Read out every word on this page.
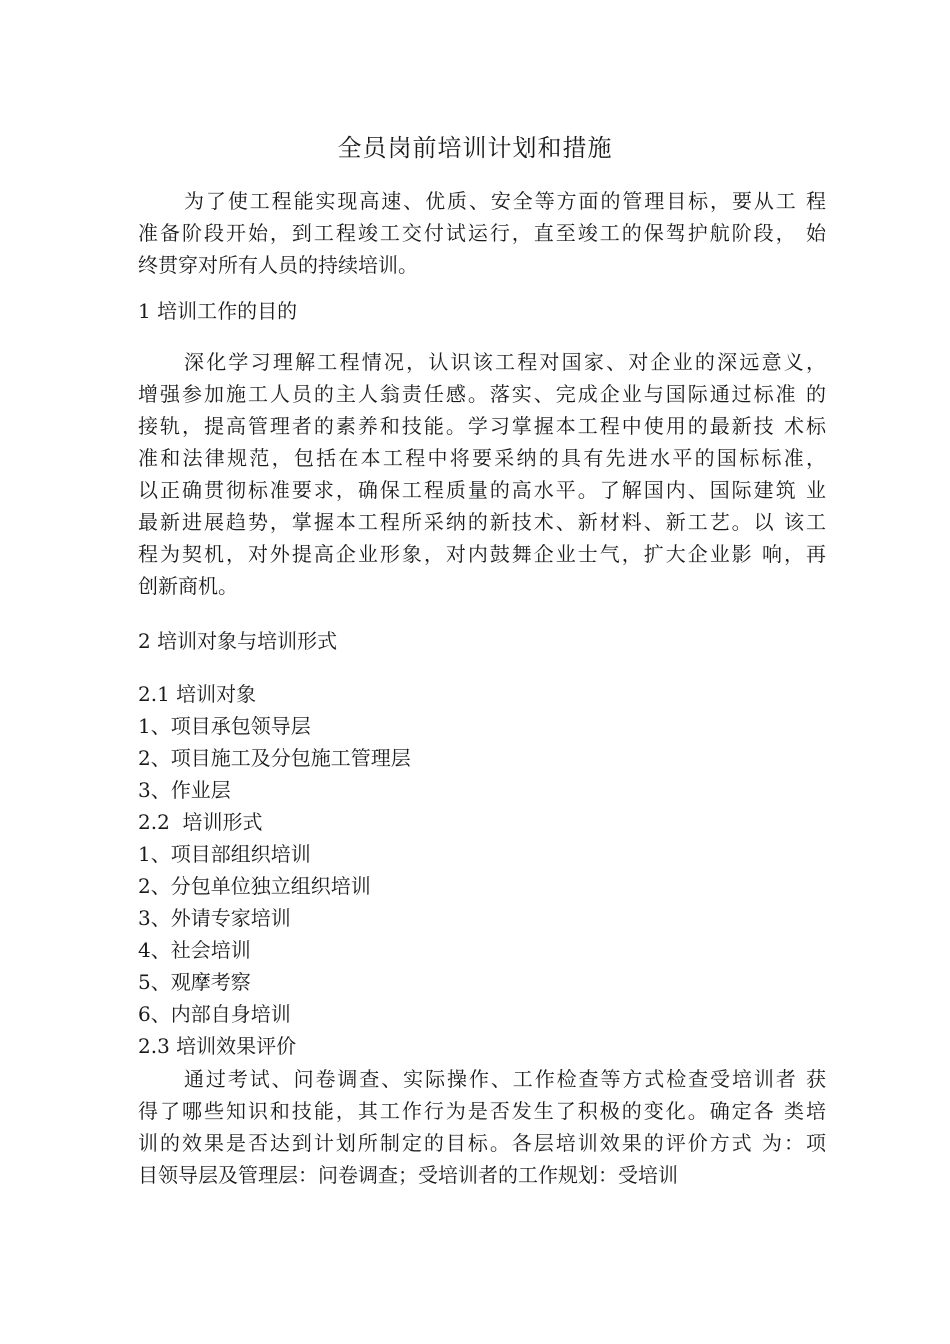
全员岗前培训计划和措施
为了使工程能实现高速、优质、安全等方面的管理目标，要从工 程
准备阶段开始，到工程竣工交付试运行，直至竣工的保驾护航阶段， 始
终贯穿对所有人员的持续培训。
1 培训工作的目的
深化学习理解工程情况，认识该工程对国家、对企业的深远意义，
增强参加施工人员的主人翁责任感。落实、完成企业与国际通过标准 的
接轨，提高管理者的素养和技能。学习掌握本工程中使用的最新技 术标
准和法律规范，包括在本工程中将要采纳的具有先进水平的国标标准，
以正确贯彻标准要求，确保工程质量的高水平。了解国内、国际建筑 业
最新进展趋势，掌握本工程所采纳的新技术、新材料、新工艺。以 该工
程为契机，对外提高企业形象，对内鼓舞企业士气，扩大企业影 响，再
创新商机。
2 培训对象与培训形式
2.1 培训对象
1、项目承包领导层
2、项目施工及分包施工管理层
3、作业层
2.2  培训形式
1、项目部组织培训
2、分包单位独立组织培训
3、外请专家培训
4、社会培训
5、观摩考察
6、内部自身培训
2.3 培训效果评价
通过考试、问卷调查、实际操作、工作检查等方式检查受培训者 获
得了哪些知识和技能，其工作行为是否发生了积极的变化。确定各 类培
训的效果是否达到计划所制定的目标。各层培训效果的评价方式 为：项
目领导层及管理层：问卷调查；受培训者的工作规划：受培训
